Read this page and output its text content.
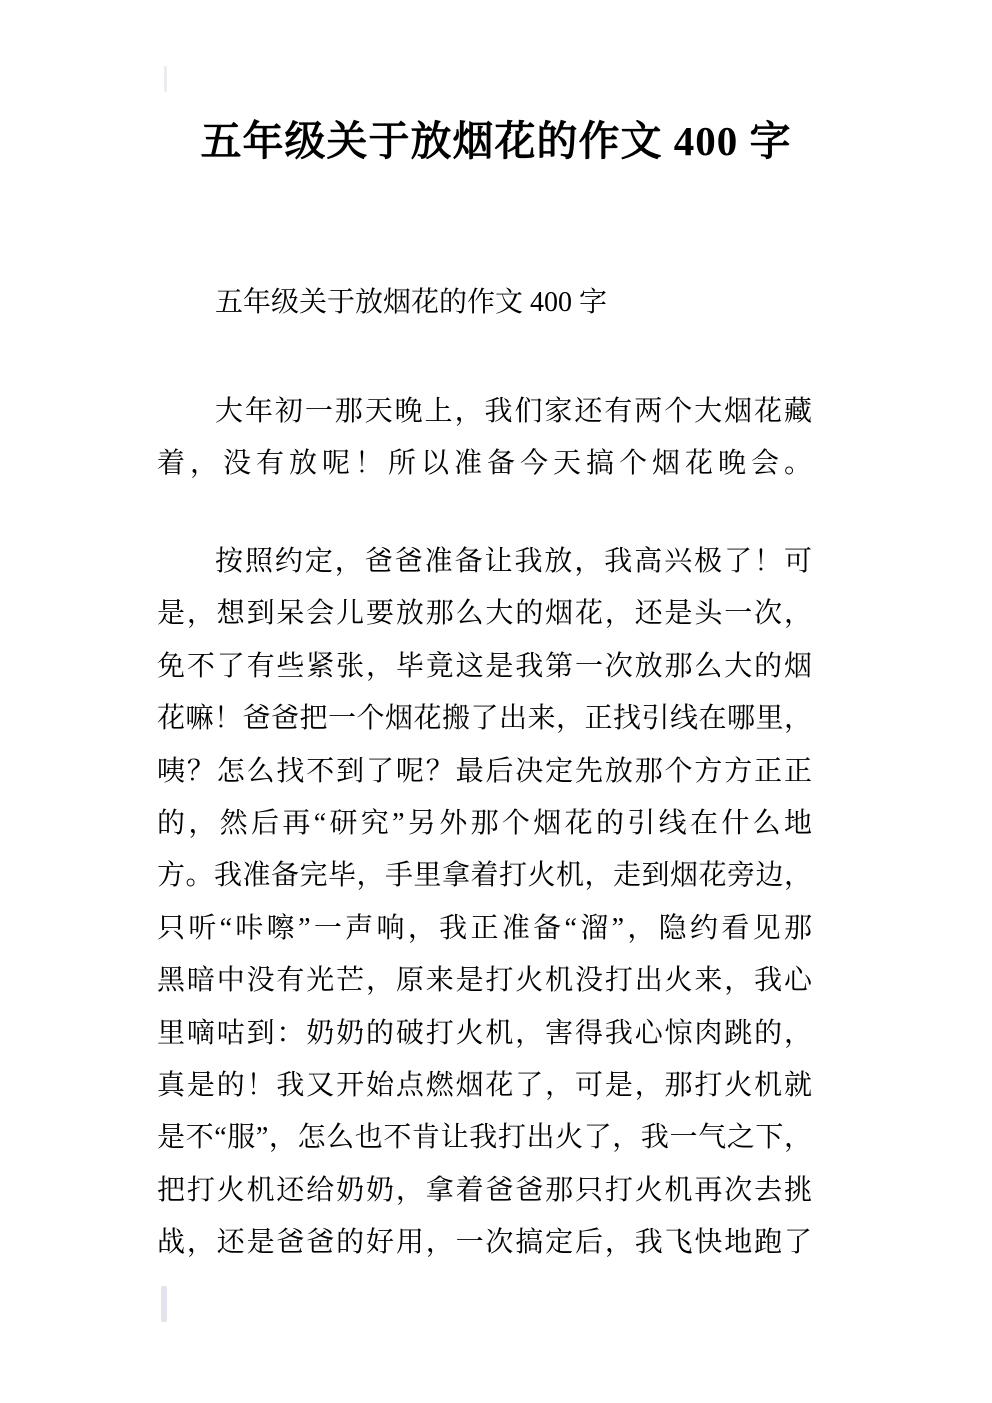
五年级关于放烟花的作文 400 字
五年级关于放烟花的作文 400 字
大年初一那天晚上，我们家还有两个大烟花藏
着，没有放呢！所以准备今天搞个烟花晚会。
按照约定，爸爸准备让我放，我高兴极了！可
是，想到呆会儿要放那么大的烟花，还是头一次，
免不了有些紧张，毕竟这是我第一次放那么大的烟
花嘛！爸爸把一个烟花搬了出来，正找引线在哪里，
咦？怎么找不到了呢？最后决定先放那个方方正正
的，然后再“研究”另外那个烟花的引线在什么地
方。我准备完毕，手里拿着打火机，走到烟花旁边，
只听“咔嚓”一声响，我正准备“溜”，隐约看见那
黑暗中没有光芒，原来是打火机没打出火来，我心
里嘀咕到：奶奶的破打火机，害得我心惊肉跳的，
真是的！我又开始点燃烟花了，可是，那打火机就
是不“服”，怎么也不肯让我打出火了，我一气之下，
把打火机还给奶奶，拿着爸爸那只打火机再次去挑
战，还是爸爸的好用，一次搞定后，我飞快地跑了
